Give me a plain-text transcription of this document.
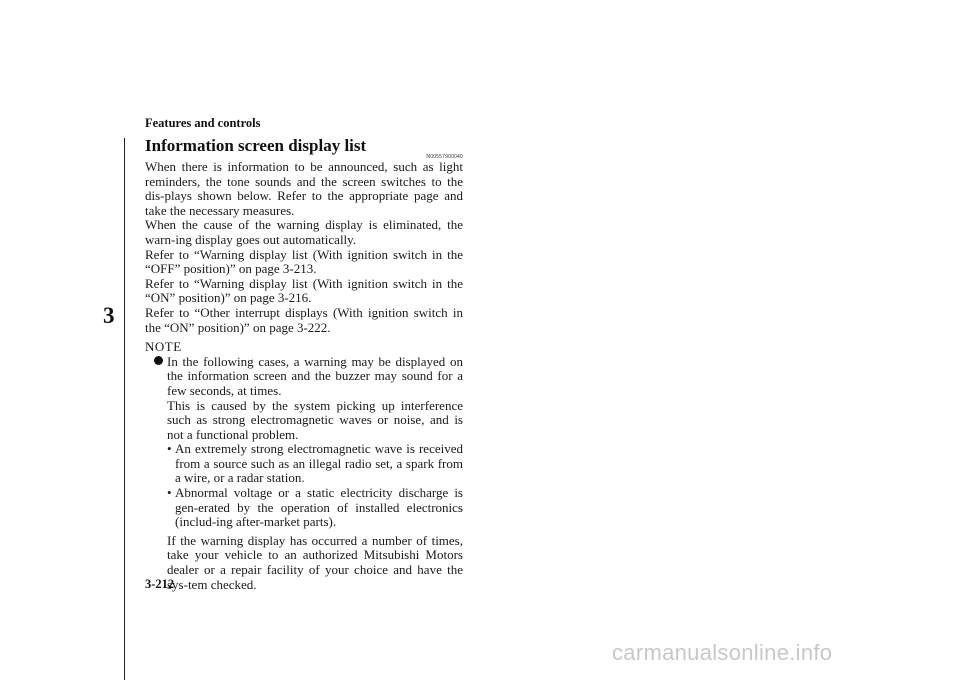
Features and controls
3
Information screen display list
N00557900040

When there is information to be announced, such as light reminders, the tone sounds and the screen switches to the dis-plays shown below. Refer to the appropriate page and take the necessary measures.

When the cause of the warning display is eliminated, the warn-ing display goes out automatically.

Refer to “Warning display list (With ignition switch in the “OFF” position)” on page 3-213.

Refer to “Warning display list (With ignition switch in the “ON” position)” on page 3-216.

Refer to “Other interrupt displays (With ignition switch in the “ON” position)” on page 3-222.

NOTE

In the following cases, a warning may be displayed on the information screen and the buzzer may sound for a few seconds, at times.

This is caused by the system picking up interference such as strong electromagnetic waves or noise, and is not a functional problem.

• An extremely strong electromagnetic wave is received from a source such as an illegal radio set, a spark from a wire, or a radar station.

• Abnormal voltage or a static electricity discharge is gen-erated by the operation of installed electronics (includ-ing after-market parts).

If the warning display has occurred a number of times, take your vehicle to an authorized Mitsubishi Motors dealer or a repair facility of your choice and have the sys-tem checked.

3-212
carmanualsonline.info
